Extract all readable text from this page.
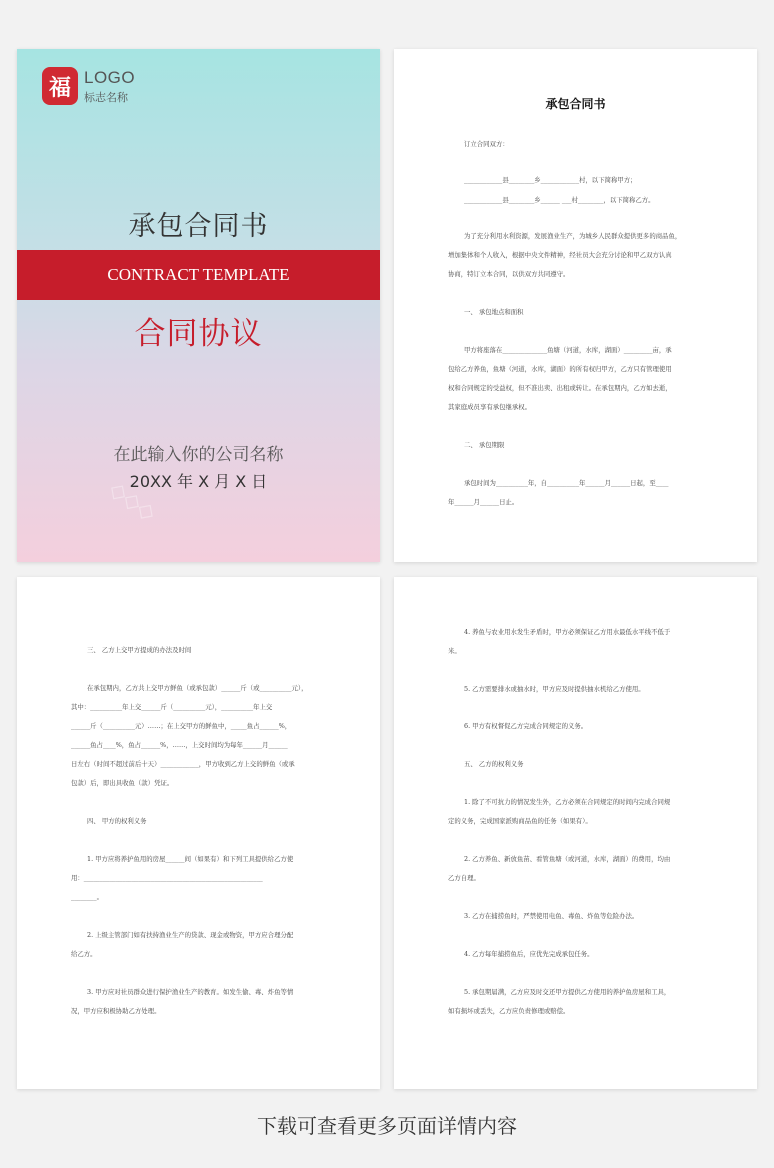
◇◇◇
福 LOGO
标志名称
承包合同书
CONTRACT TEMPLATE
合同协议
在此输入你的公司名称
20XX 年 X 月 X 日
承包合同书
订立合同双方：
____________县________乡____________村，以下简称甲方；
____________县________乡______ ___村________，以下简称乙方。
为了充分利用水利资源，发展渔业生产，为城乡人民群众提供更多的商品鱼，
增加集体和个人收入，根据中央文件精神，经社员大会充分讨论和甲乙双方认真
协商，特订立本合同，以供双方共同遵守。
一、 承包地点和面积
甲方将座落在______________鱼塘（河道，水库，湖面）_________亩，承
包给乙方养鱼，鱼塘（河道，水库，湖面）的所有权归甲方，乙方只有管理使用
权和合同规定的受益权，但不准出卖、出租或转让。在承包期内，乙方如去逝，
其家庭成员享有承包继承权。
二、 承包期限
承包时间为__________年，自__________年______月______日起，至____
年______月______日止。
三、 乙方上交甲方提成的办法及时间
在承包期内，乙方共上交甲方鲜鱼（或承包款）______斤（或__________元），
其中：__________年上交______斤（__________元），__________年上交
______斤（__________元）……；在上交甲方的鲜鱼中，_____鱼占______%，
______鱼占____%，鱼占______%，……，上交时间均为每年______月______
日左右（时间不超过前后十天）____________，甲方收到乙方上交的鲜鱼（或承
包款）后，即出具收鱼（款）凭证。
四、 甲方的权利义务
1. 甲方应将养护鱼用的房屋______间（如果有）和下列工具提供给乙方使
用：________________________________________________________
________。
2. 上级主管部门如有扶持渔业生产的贷款、现金或物资，甲方应合理分配
给乙方。
3. 甲方应对社员群众进行保护渔业生产的教育。如发生偷、毒、炸鱼等情
况，甲方应积极协助乙方处理。
4. 养鱼与农业用水发生矛盾时，甲方必须保证乙方用水最低水平线不低于
米。
5. 乙方需要排水或抽水时，甲方应及时提供抽水机给乙方使用。
6. 甲方有权督促乙方完成合同规定的义务。
五、 乙方的权利义务
1. 除了不可抗力的情况发生外，乙方必须在合同规定的时间内完成合同规
定的义务，完成国家派购商品鱼的任务（如果有）。
2. 乙方养鱼、新放鱼苗、看管鱼塘（或河道，水库，湖面）的费用，均由
乙方自理。
3. 乙方在捕捞鱼时，严禁使用电鱼、毒鱼、炸鱼等危险办法。
4. 乙方每年捕捞鱼后，应优先完成承包任务。
5. 承包期届满，乙方应及时交还甲方提供乙方使用的养护鱼房屋和工具，
如有损坏或丢失，乙方应负责修理或赔偿。
下载可查看更多页面详情内容
